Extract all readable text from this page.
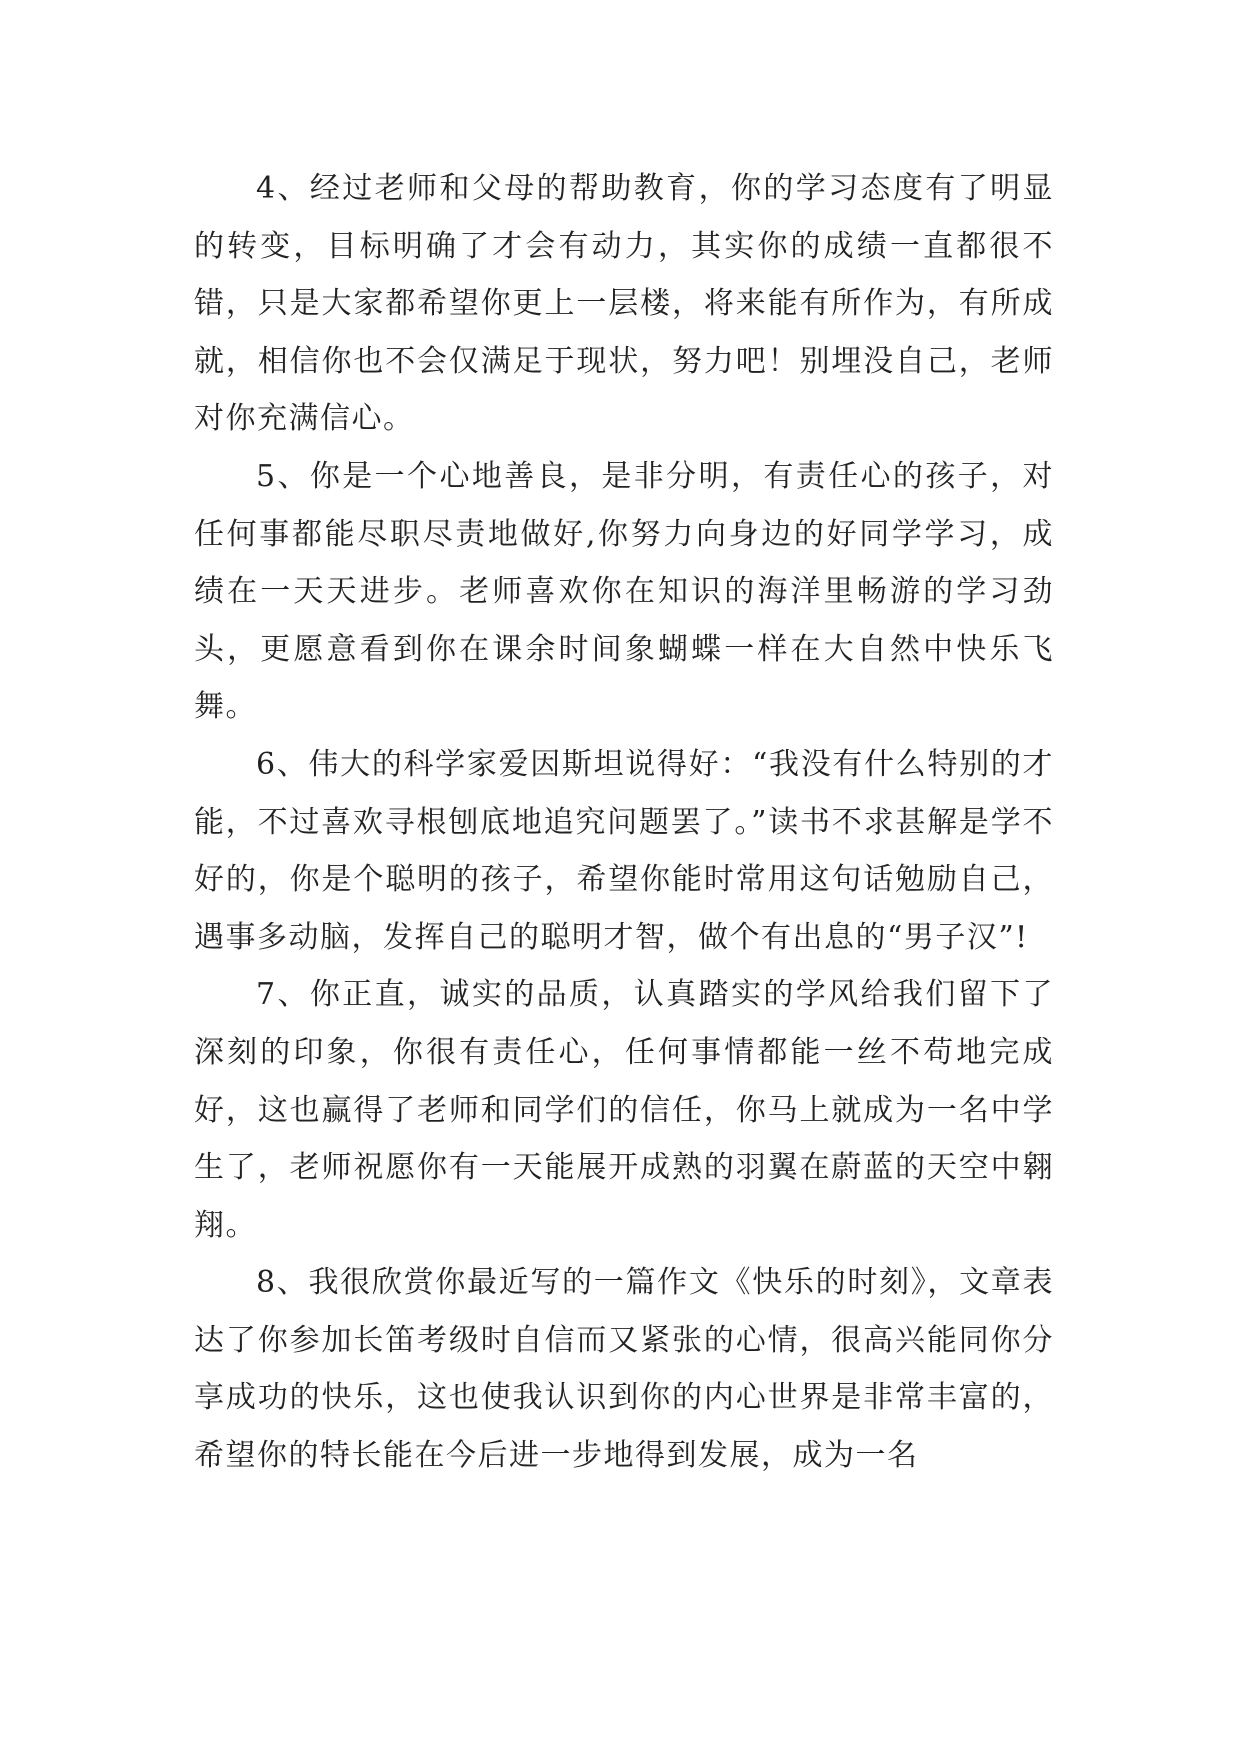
4、经过老师和父母的帮助教育，你的学习态度有了明显的转变，目标明确了才会有动力，其实你的成绩一直都很不错，只是大家都希望你更上一层楼，将来能有所作为，有所成就，相信你也不会仅满足于现状，努力吧！别埋没自己，老师对你充满信心。

5、你是一个心地善良，是非分明，有责任心的孩子，对任何事都能尽职尽责地做好,你努力向身边的好同学学习，成绩在一天天进步。老师喜欢你在知识的海洋里畅游的学习劲头，更愿意看到你在课余时间象蝴蝶一样在大自然中快乐飞舞。

6、伟大的科学家爱因斯坦说得好：“我没有什么特别的才能，不过喜欢寻根刨底地追究问题罢了。”读书不求甚解是学不好的，你是个聪明的孩子，希望你能时常用这句话勉励自己，遇事多动脑，发挥自己的聪明才智，做个有出息的“男子汉”!

7、你正直，诚实的品质，认真踏实的学风给我们留下了深刻的印象，你很有责任心，任何事情都能一丝不苟地完成好，这也赢得了老师和同学们的信任，你马上就成为一名中学生了，老师祝愿你有一天能展开成熟的羽翼在蔚蓝的天空中翱翔。

8、我很欣赏你最近写的一篇作文《快乐的时刻》，文章表达了你参加长笛考级时自信而又紧张的心情，很高兴能同你分享成功的快乐，这也使我认识到你的内心世界是非常丰富的，希望你的特长能在今后进一步地得到发展，成为一名
